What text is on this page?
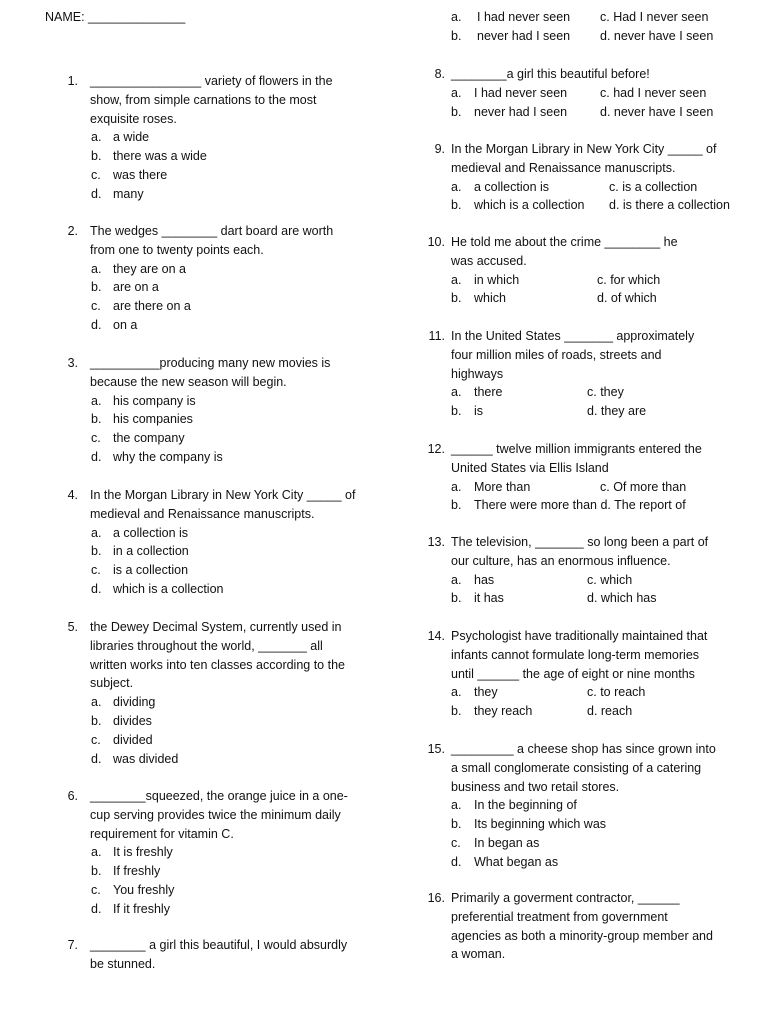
NAME: ______________
1. ________________ variety of flowers in the
show, from simple carnations to the most
exquisite roses.
a. a wide
b. there was a wide
c. was there
d. many
2. The wedges ________ dart board are worth
from one to twenty points each.
a. they are on a
b. are on a
c. are there on a
d. on a
3. __________producing many new movies is
because the new season will begin.
a. his company is
b. his companies
c. the company
d. why the company is
4. In the Morgan Library in New York City _____ of
medieval and Renaissance manuscripts.
a. a collection is
b. in a collection
c. is a collection
d. which is a collection
5. the Dewey Decimal System, currently used in
libraries throughout the world, _______ all
written works into ten classes according to the
subject.
a. dividing
b. divides
c. divided
d. was divided
6. ________squeezed, the orange juice in a one-
cup serving provides twice the minimum daily
requirement for vitamin C.
a. It is freshly
b. If freshly
c. You freshly
d. If it freshly
7. ________ a girl this beautiful, I would absurdly
be stunned.
a. I had never seen c. Had I never seen
b. never had I seen d. never have I seen
8. ________a girl this beautiful before!
a. I had never seen	c. had I never seen
b. never had I seen	d. never have I seen
9. In the Morgan Library in New York City _____ of
medieval and Renaissance manuscripts.
a. a collection is	c. is a collection
b. which is a collection d. is there a collection
10. He told me about the crime ________ he
was accused.
a. in which	c. for which
b. which	d. of which
11. In the United States _______ approximately
four million miles of roads, streets and
highways
a. there	c. they
b. is	d. they are
12. ______ twelve million immigrants entered the
United States via Ellis Island
a. More than	c. Of more than
b. There were more than d. The report of
13. The television, _______ so long been a part of
our culture, has an enormous influence.
a. has	c. which
b. it has	d. which has
14. Psychologist have traditionally maintained that
infants cannot formulate long-term memories
until ______ the age of eight or nine months
a. they	c. to reach
b. they reach	d. reach
15. _________ a cheese shop has since grown into
a small conglomerate consisting of a catering
business and two retail stores.
a. In the beginning of
b. Its beginning which was
c. In began as
d. What began as
16. Primarily a goverment contractor, ______
preferential treatment from government
agencies as both a minority-group member and
a woman.
